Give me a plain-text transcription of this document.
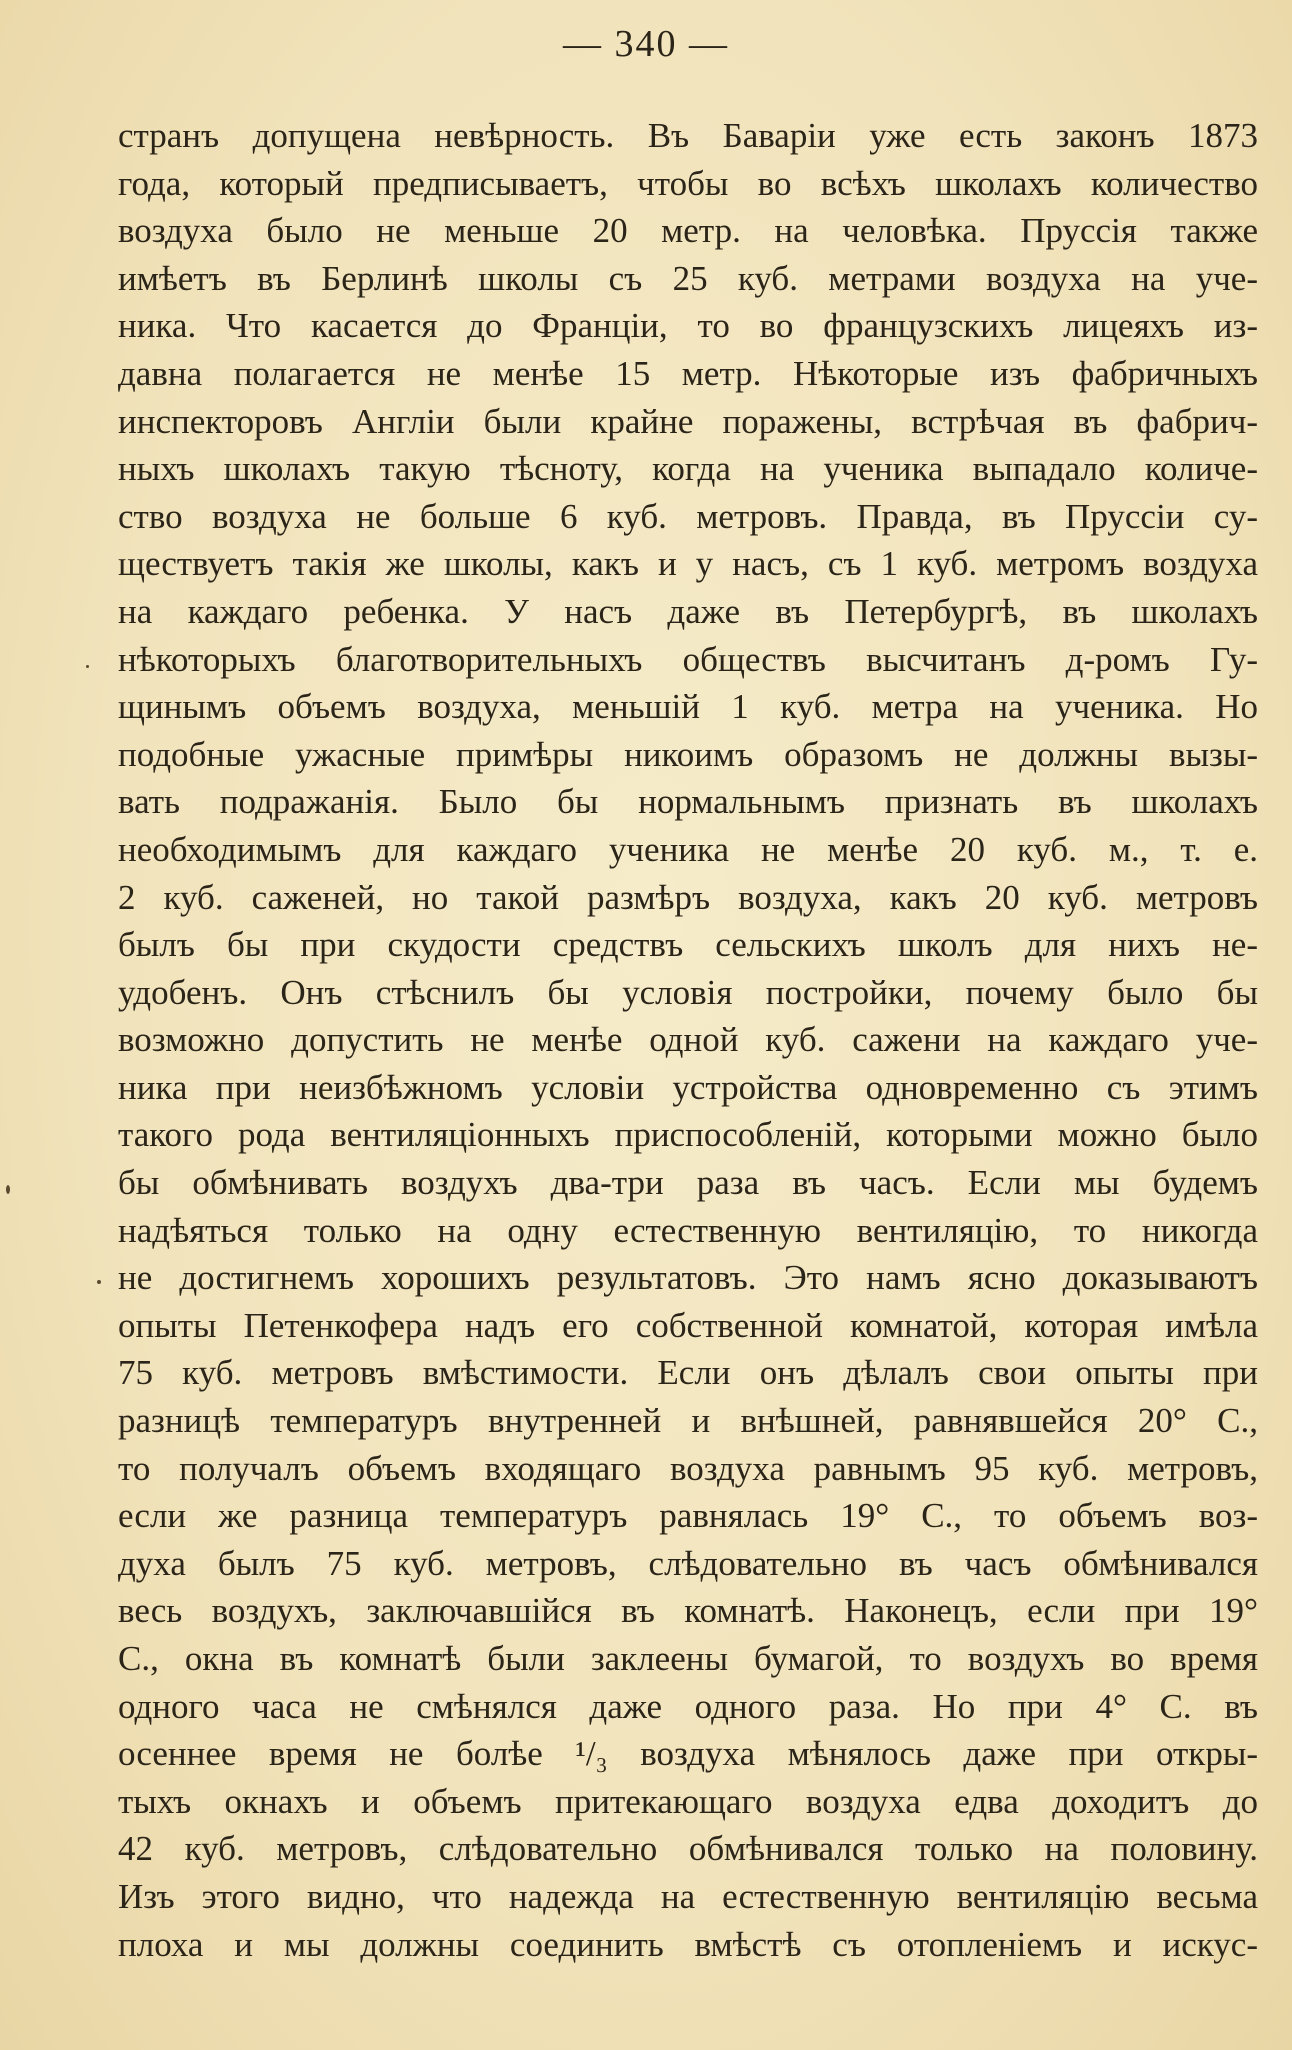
— 340 —
странъ допущена невѣрность. Въ Баваріи уже есть законъ 1873
года, который предписываетъ, чтобы во всѣхъ школахъ количество
воздуха было не меньше 20 метр. на человѣка. Пруссія также
имѣетъ въ Берлинѣ школы съ 25 куб. метрами воздуха на уче-
ника. Что касается до Франціи, то во французскихъ лицеяхъ из-
давна полагается не менѣе 15 метр. Нѣкоторые изъ фабричныхъ
инспекторовъ Англіи были крайне поражены, встрѣчая въ фабрич-
ныхъ школахъ такую тѣсноту, когда на ученика выпадало количе-
ство воздуха не больше 6 куб. метровъ. Правда, въ Пруссіи су-
ществуетъ такія же школы, какъ и у насъ, съ 1 куб. метромъ воздуха
на каждаго ребенка. У насъ даже въ Петербургѣ, въ школахъ
нѣкоторыхъ благотворительныхъ обществъ высчитанъ д-ромъ Гу-
щинымъ объемъ воздуха, меньшій 1 куб. метра на ученика. Но
подобные ужасные примѣры никоимъ образомъ не должны вызы-
вать подражанія. Было бы нормальнымъ признать въ школахъ
необходимымъ для каждаго ученика не менѣе 20 куб. м., т. е.
2 куб. саженей, но такой размѣръ воздуха, какъ 20 куб. метровъ
былъ бы при скудости средствъ сельскихъ школъ для нихъ не-
удобенъ. Онъ стѣснилъ бы условія постройки, почему было бы
возможно допустить не менѣе одной куб. сажени на каждаго уче-
ника при неизбѣжномъ условіи устройства одновременно съ этимъ
такого рода вентиляціонныхъ приспособленій, которыми можно было
бы обмѣнивать воздухъ два-три раза въ часъ. Если мы будемъ
надѣяться только на одну естественную вентиляцію, то никогда
не достигнемъ хорошихъ результатовъ. Это намъ ясно доказываютъ
опыты Петенкофера надъ его собственной комнатой, которая имѣла
75 куб. метровъ вмѣстимости. Если онъ дѣлалъ свои опыты при
разницѣ температуръ внутренней и внѣшней, равнявшейся 20° С.,
то получалъ объемъ входящаго воздуха равнымъ 95 куб. метровъ,
если же разница температуръ равнялась 19° С., то объемъ воз-
духа былъ 75 куб. метровъ, слѣдовательно въ часъ обмѣнивался
весь воздухъ, заключавшійся въ комнатѣ. Наконецъ, если при 19°
С., окна въ комнатѣ были заклеены бумагой, то воздухъ во время
одного часа не смѣнялся даже одного раза. Но при 4° С. въ
осеннее время не болѣе ¹/₃ воздуха мѣнялось даже при откры-
тыхъ окнахъ и объемъ притекающаго воздуха едва доходитъ до
42 куб. метровъ, слѣдовательно обмѣнивался только на половину.
Изъ этого видно, что надежда на естественную вентиляцію весьма
плоха и мы должны соединить вмѣстѣ съ отопленіемъ и искус-
